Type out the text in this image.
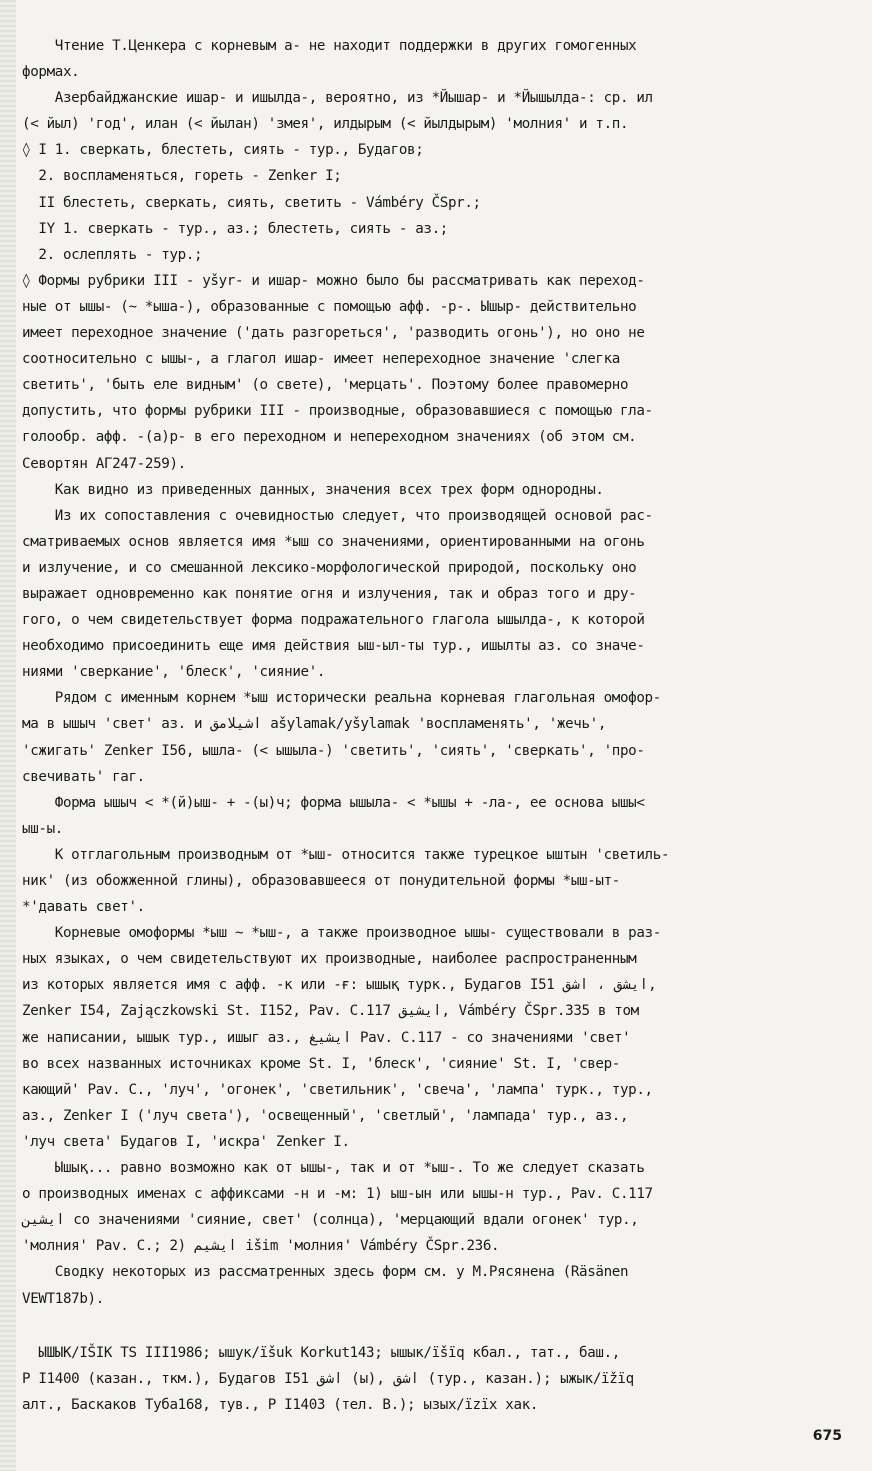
Чтение Т.Ценкера с корневым а- не находит поддержки в других гомогенных
формах.
Азербайджанские ишар- и ишылда-, вероятно, из *Йышар- и *Йышылда-: ср. ил
(< йыл) 'год', илан (< йылан) 'змея', илдырым (< йылдырым) 'молния' и т.п.
◊ I 1. сверкать, блестеть, сиять - тур., Будагов;
2. воспламеняться, гореть - Zenker I;
II блестеть, сверкать, сиять, светить - Vámbéry ČSpr.;
IY 1. сверкать - тур., аз.; блестеть, сиять - аз.;
2. ослеплять - тур.;
◊ Формы рубрики III - yšyr- и ишар- можно было бы рассматривать как переход-
ные от ышы- (~ *ыша-), образованные с помощью афф. -р-. Ышыр- действительно
имеет переходное значение ('дать разгореться', 'разводить огонь'), но оно не
соотносительно с ышы-, а глагол ишар- имеет непереходное значение 'слегка
светить', 'быть еле видным' (о свете), 'мерцать'. Поэтому более правомерно
допустить, что формы рубрики III - производные, образовавшиеся с помощью гла-
голообр. афф. -(а)р- в его переходном и непереходном значениях (об этом см.
Севортян АГ247-259).
Как видно из приведенных данных, значения всех трех форм однородны.
Из их сопоставления с очевидностью следует, что производящей основой рас-
сматриваемых основ является имя *ыш со значениями, ориентированными на огонь
и излучение, и со смешанной лексико-морфологической природой, поскольку оно
выражает одновременно как понятие огня и излучения, так и образ того и дру-
гого, о чем свидетельствует форма подражательного глагола ышылда-, к которой
необходимо присоединить еще имя действия ыш-ыл-ты тур., ишылты аз. со значе-
ниями 'сверкание', 'блеск', 'сияние'.
Рядом с именным корнем *ыш исторически реальна корневая глагольная омофор-
ма в ышыч 'свет' аз. и اشيلامق ašylamak/yšylamak 'воспламенять', 'жечь',
'сжигать' Zenker I56, ышла- (< ышыла-) 'светить', 'сиять', 'сверкать', 'про-
свечивать' гаг.
Форма ышыч < *(й)ыш- + -(ы)ч; форма ышыла- < *ышы + -ла-, ее основа ышы<
ыш-ы.
К отглагольным производным от *ыш- относится также турецкое ыштын 'светиль-
ник' (из обожженной глины), образовавшееся от понудительной формы *ыш-ыт-
*'давать свет'.
Корневые омоформы *ыш ~ *ыш-, а также производное ышы- существовали в раз-
ных языках, о чем свидетельствуют их производные, наиболее распространенным
из которых является имя с афф. -к или -ғ: ышық турк., Будагов I51 ايشق ، اشق,
Zenker I54, Zajączkowski St. I152, Pav. C.117 ايشيق, Vámbéry ČSpr.335 в том
же написании, ышык тур., ишыг аз., ايشيغ Pav. C.117 - со значениями 'свет'
во всех названных источниках кроме St. I, 'блеск', 'сияние' St. I, 'свер-
кающий' Pav. C., 'луч', 'огонек', 'светильник', 'свеча', 'лампа' турк., тур.,
аз., Zenker I ('луч света'), 'освещенный', 'светлый', 'лампада' тур., аз.,
'луч света' Будагов I, 'искра' Zenker I.
Ышық... равно возможно как от ышы-, так и от *ыш-. То же следует сказать
о производных именах с аффиксами -н и -м: 1) ыш-ын или ышы-н тур., Pav. C.117
ايشين со значениями 'сияние, свет' (солнца), 'мерцающий вдали огонек' тур.,
'молния' Pav. C.; 2) ايشيم išim 'молния' Vámbéry ČSpr.236.
Сводку некоторых из рассматренных здесь форм см. у М.Рясянена (Räsänen
VEWT187b).
ЫШЫК/IŠIK TS III1986; ышук/ïšuk Korkut143; ышык/ïšïq кбал., тат., баш.,
Р I1400 (казан., ткм.), Будагов I51 اشق (ы), اشق (тур., казан.); ыжык/ïžïq
алт., Баскаков Туба168, тув., Р I1403 (тел. В.); ызых/ïzïx хак.
675
